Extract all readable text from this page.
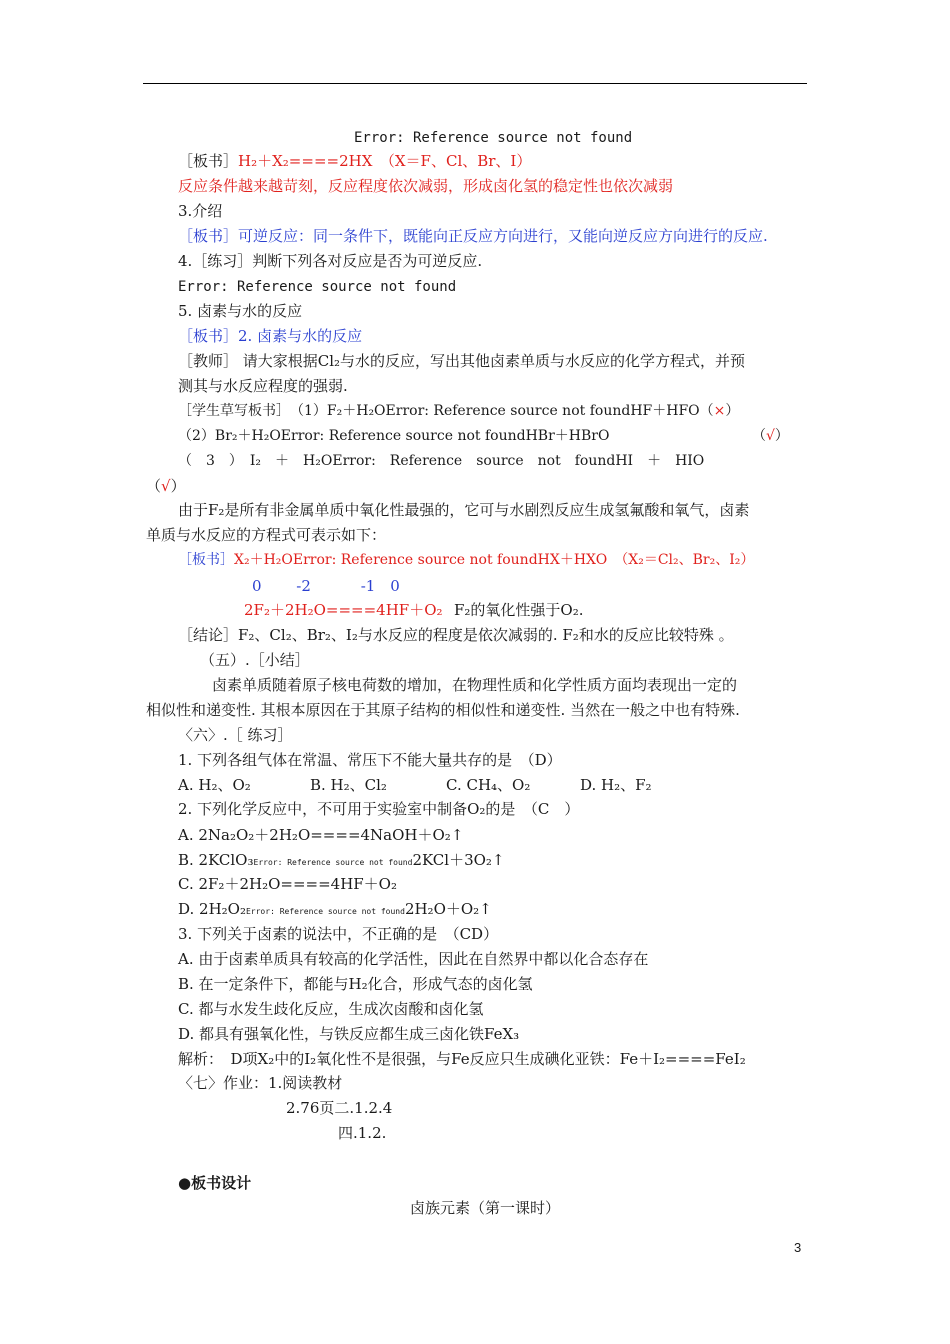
Error: Reference source not found
［板书］H₂＋X₂====2HX　（X＝F、Cl、Br、I）
反应条件越来越苛刻，反应程度依次减弱，形成卤化氢的稳定性也依次减弱
3.介绍
［板书］可逆反应：同一条件下，既能向正反应方向进行，又能向逆反应方向进行的反应.
4.［练习］判断下列各对反应是否为可逆反应.
Error: Reference source not found
5. 卤素与水的反应
［板书］2. 卤素与水的反应
［教师］ 请大家根据Cl₂与水的反应，写出其他卤素单质与水反应的化学方程式，并预
测其与水反应程度的强弱.
［学生草写板书］　（1）F₂＋H₂OError: Reference source not foundHF＋HFO（×）
（2）Br₂＋H₂OError: Reference source not foundHBr＋HBrO	（√）
（　3　）　I₂　＋　H₂OError:　Reference　source　not　foundHI　＋　HIO
（√）
由于F₂是所有非金属单质中氧化性最强的，它可与水剧烈反应生成氢氟酸和氧气，卤素
单质与水反应的方程式可表示如下：
［板书］X₂＋H₂OError: Reference source not foundHX＋HXO　（X₂＝Cl₂、Br₂、I₂）
0　　 -2　　　 -1　0
2F₂＋2H₂O====4HF＋O₂ F₂的氧化性强于O₂.
［结论］F₂、Cl₂、Br₂、I₂与水反应的程度是依次减弱的. F₂和水的反应比较特殊 。
（五）.［小结］
卤素单质随着原子核电荷数的增加，在物理性质和化学性质方面均表现出一定的
相似性和递变性. 其根本原因在于其原子结构的相似性和递变性. 当然在一般之中也有特殊.
〈六〉.［ 练习］
1. 下列各组气体在常温、常压下不能大量共存的是　（D）
A. H₂、O₂	B. H₂、Cl₂	C. CH₄、O₂	D. H₂、F₂
2. 下列化学反应中，不可用于实验室中制备O₂的是　（C　）
A. 2Na₂O₂＋2H₂O====4NaOH＋O₂↑
B. 2KClO₃Error: Reference source not found2KCl＋3O₂↑
C. 2F₂＋2H₂O====4HF＋O₂
D. 2H₂O₂Error: Reference source not found2H₂O＋O₂↑
3. 下列关于卤素的说法中，不正确的是　（CD）
A. 由于卤素单质具有较高的化学活性，因此在自然界中都以化合态存在
B. 在一定条件下，都能与H₂化合，形成气态的卤化氢
C. 都与水发生歧化反应，生成次卤酸和卤化氢
D. 都具有强氧化性，与铁反应都生成三卤化铁FeX₃
解析：　D项X₂中的I₂氧化性不是很强，与Fe反应只生成碘化亚铁：Fe＋I₂====FeI₂
〈七〉作业：1.阅读教材
2.76页二.1.2.4
四.1.2.
●板书设计
卤族元素（第一课时）
3
